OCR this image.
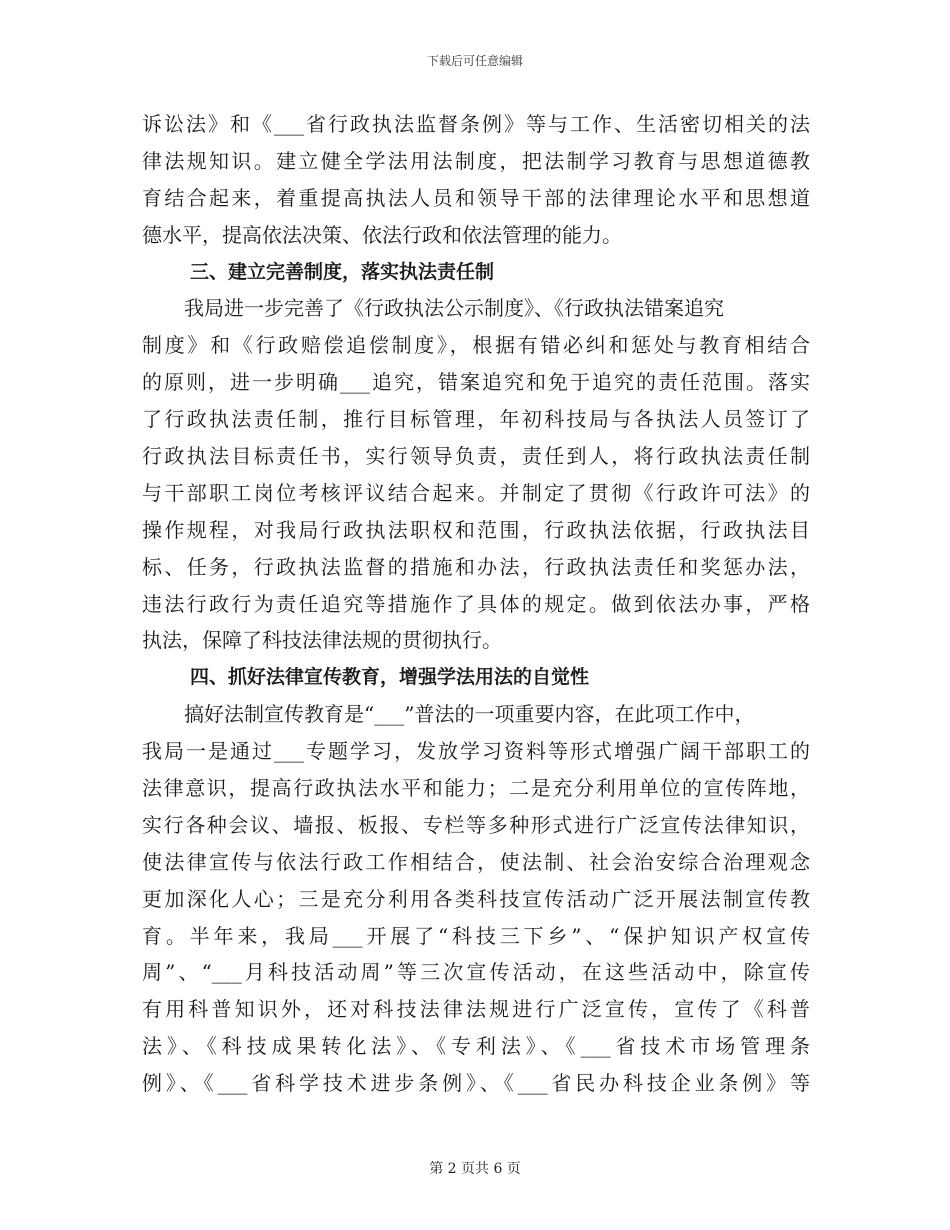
下载后可任意编辑
诉讼法》和《___省行政执法监督条例》等与工作、生活密切相关的法
律法规知识。建立健全学法用法制度，把法制学习教育与思想道德教
育结合起来，着重提高执法人员和领导干部的法律理论水平和思想道
德水平，提高依法决策、依法行政和依法管理的能力。
三、建立完善制度，落实执法责任制
我局进一步完善了《行政执法公示制度》、《行政执法错案追究
制度》和《行政赔偿追偿制度》，根据有错必纠和惩处与教育相结合
的原则，进一步明确___追究，错案追究和免于追究的责任范围。落实
了行政执法责任制，推行目标管理，年初科技局与各执法人员签订了
行政执法目标责任书，实行领导负责，责任到人，将行政执法责任制
与干部职工岗位考核评议结合起来。并制定了贯彻《行政许可法》的
操作规程，对我局行政执法职权和范围，行政执法依据，行政执法目
标、任务，行政执法监督的措施和办法，行政执法责任和奖惩办法，
违法行政行为责任追究等措施作了具体的规定。做到依法办事，严格
执法，保障了科技法律法规的贯彻执行。
四、抓好法律宣传教育，增强学法用法的自觉性
搞好法制宣传教育是“___”普法的一项重要内容，在此项工作中，
我局一是通过___专题学习，发放学习资料等形式增强广阔干部职工的
法律意识，提高行政执法水平和能力；二是充分利用单位的宣传阵地，
实行各种会议、墙报、板报、专栏等多种形式进行广泛宣传法律知识，
使法律宣传与依法行政工作相结合，使法制、社会治安综合治理观念
更加深化人心；三是充分利用各类科技宣传活动广泛开展法制宣传教
育。半年来，我局___开展了“科技三下乡”、“保护知识产权宣传
周”、“___月科技活动周”等三次宣传活动，在这些活动中，除宣传
有用科普知识外，还对科技法律法规进行广泛宣传，宣传了《科普
法》、《科技成果转化法》、《专利法》、《___省技术市场管理条
例》、《___省科学技术进步条例》、《___省民办科技企业条例》等
第 2 页共 6 页
